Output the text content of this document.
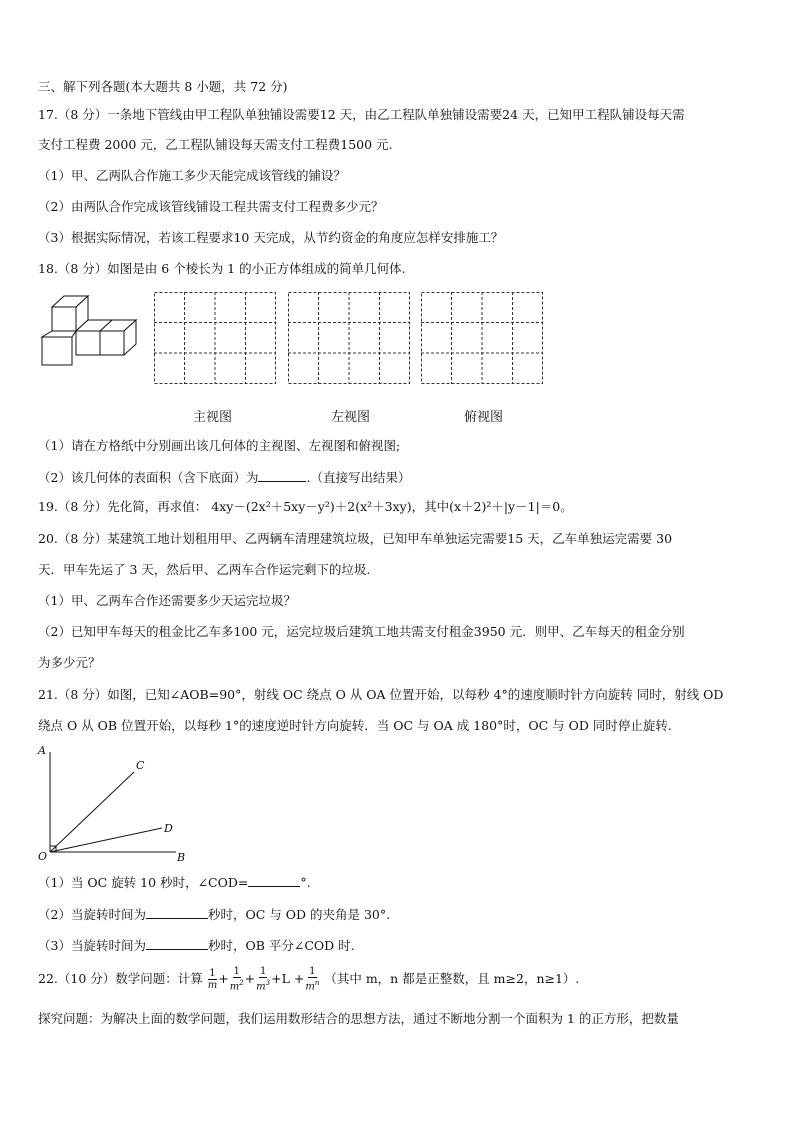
三、解下列各题(本大题共 8 小题，共 72 分)
17.（8 分）一条地下管线由甲工程队单独铺设需要12 天，由乙工程队单独铺设需要24 天，已知甲工程队铺设每天需
支付工程费 2000 元，乙工程队铺设每天需支付工程费1500 元.
（1）甲、乙两队合作施工多少天能完成该管线的铺设？
（2）由两队合作完成该管线铺设工程共需支付工程费多少元？
（3）根据实际情况，若该工程要求10 天完成，从节约资金的角度应怎样安排施工？
18.（8 分）如图是由 6 个棱长为 1 的小正方体组成的简单几何体.
主视图	左视图	俯视图
（1）请在方格纸中分别画出该几何体的主视图、左视图和俯视图;
（2）该几何体的表面积（含下底面）为	.（直接写出结果）
19.（8 分）先化简，再求值： 4xy－(2x²＋5xy－y²)＋2(x²＋3xy)，其中(x＋2)²＋|y－1|＝0。
20.（8 分）某建筑工地计划租用甲、乙两辆车清理建筑垃圾，已知甲车单独运完需要15 天，乙车单独运完需要 30
天．甲车先运了 3 天，然后甲、乙两车合作运完剩下的垃圾.
（1）甲、乙两车合作还需要多少天运完垃圾？
（2）已知甲车每天的租金比乙车多100 元，运完垃圾后建筑工地共需支付租金3950 元．则甲、乙车每天的租金分别
为多少元？
21.（8 分）如图，已知∠AOB=90°，射线 OC 绕点 O 从 OA 位置开始，以每秒 4°的速度顺时针方向旋转 同时，射线 OD
绕点 O 从 OB 位置开始，以每秒 1°的速度逆时针方向旋转．当 OC 与 OA 成 180°时，OC 与 OD 同时停止旋转.
A
C
D
O	B
（1）当 OC 旋转 10 秒时，∠COD=	°.
（2）当旋转时间为	秒时，OC 与 OD 的夹角是 30°.
（3）当旋转时间为	秒时，OB 平分∠COD 时.
22.（10 分）数学问题：计算 $\frac{1}{m} + \frac{1}{m^2} + \frac{1}{m^3} +L + \frac{1}{m^n}$ （其中 m，n 都是正整数，且 m≥2，n≥1）.
探究问题：为解决上面的数学问题，我们运用数形结合的思想方法，通过不断地分割一个面积为 1 的正方形，把数量
